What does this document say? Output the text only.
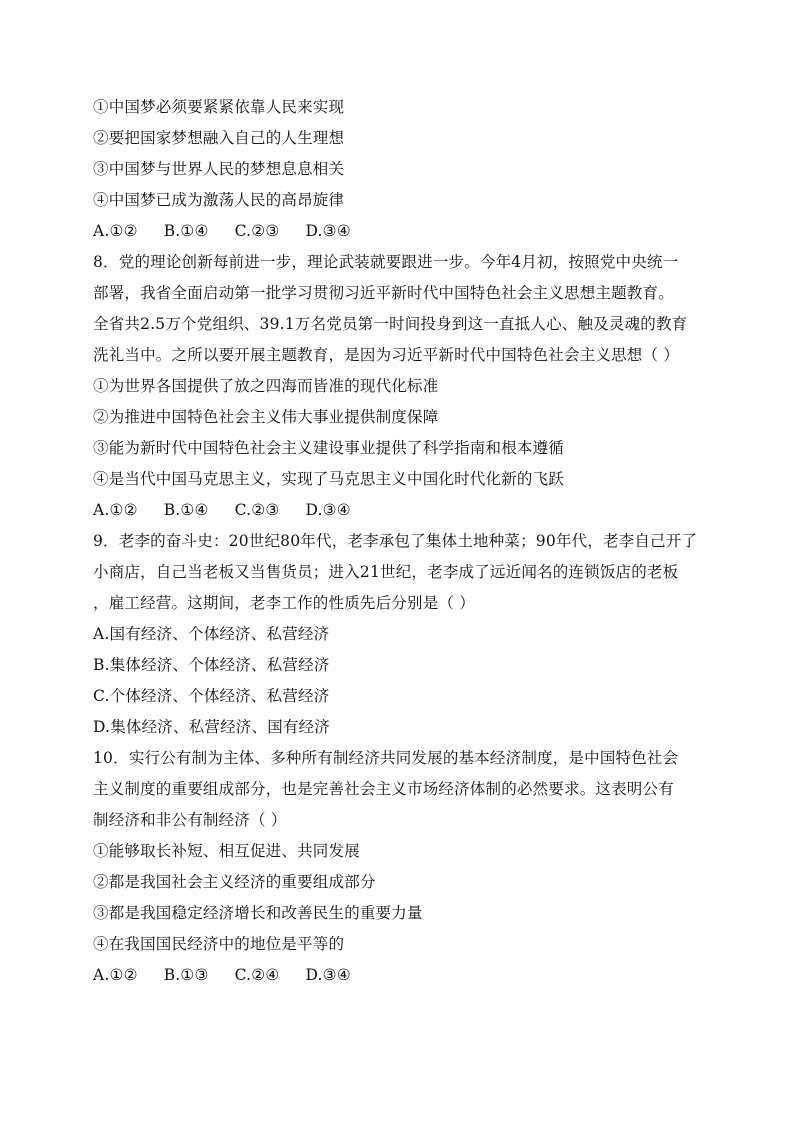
①中国梦必须要紧紧依靠人民来实现
②要把国家梦想融入自己的人生理想
③中国梦与世界人民的梦想息息相关
④中国梦已成为激荡人民的高昂旋律
A.①② B.①④ C.②③ D.③④
8．党的理论创新每前进一步，理论武装就要跟进一步。今年4月初，按照党中央统一
部署，我省全面启动第一批学习贯彻习近平新时代中国特色社会主义思想主题教育。
全省共2.5万个党组织、39.1万名党员第一时间投身到这一直抵人心、触及灵魂的教育
洗礼当中。之所以要开展主题教育，是因为习近平新时代中国特色社会主义思想（ ）
①为世界各国提供了放之四海而皆准的现代化标准
②为推进中国特色社会主义伟大事业提供制度保障
③能为新时代中国特色社会主义建设事业提供了科学指南和根本遵循
④是当代中国马克思主义，实现了马克思主义中国化时代化新的飞跃
A.①② B.①④ C.②③ D.③④
9．老李的奋斗史：20世纪80年代，老李承包了集体土地种菜；90年代，老李自己开了
小商店，自己当老板又当售货员；进入21世纪，老李成了远近闻名的连锁饭店的老板
，雇工经营。这期间，老李工作的性质先后分别是（ ）
A.国有经济、个体经济、私营经济
B.集体经济、个体经济、私营经济
C.个体经济、个体经济、私营经济
D.集体经济、私营经济、国有经济
10．实行公有制为主体、多种所有制经济共同发展的基本经济制度，是中国特色社会
主义制度的重要组成部分，也是完善社会主义市场经济体制的必然要求。这表明公有
制经济和非公有制经济（ ）
①能够取长补短、相互促进、共同发展
②都是我国社会主义经济的重要组成部分
③都是我国稳定经济增长和改善民生的重要力量
④在我国国民经济中的地位是平等的
A.①② B.①③ C.②④ D.③④
